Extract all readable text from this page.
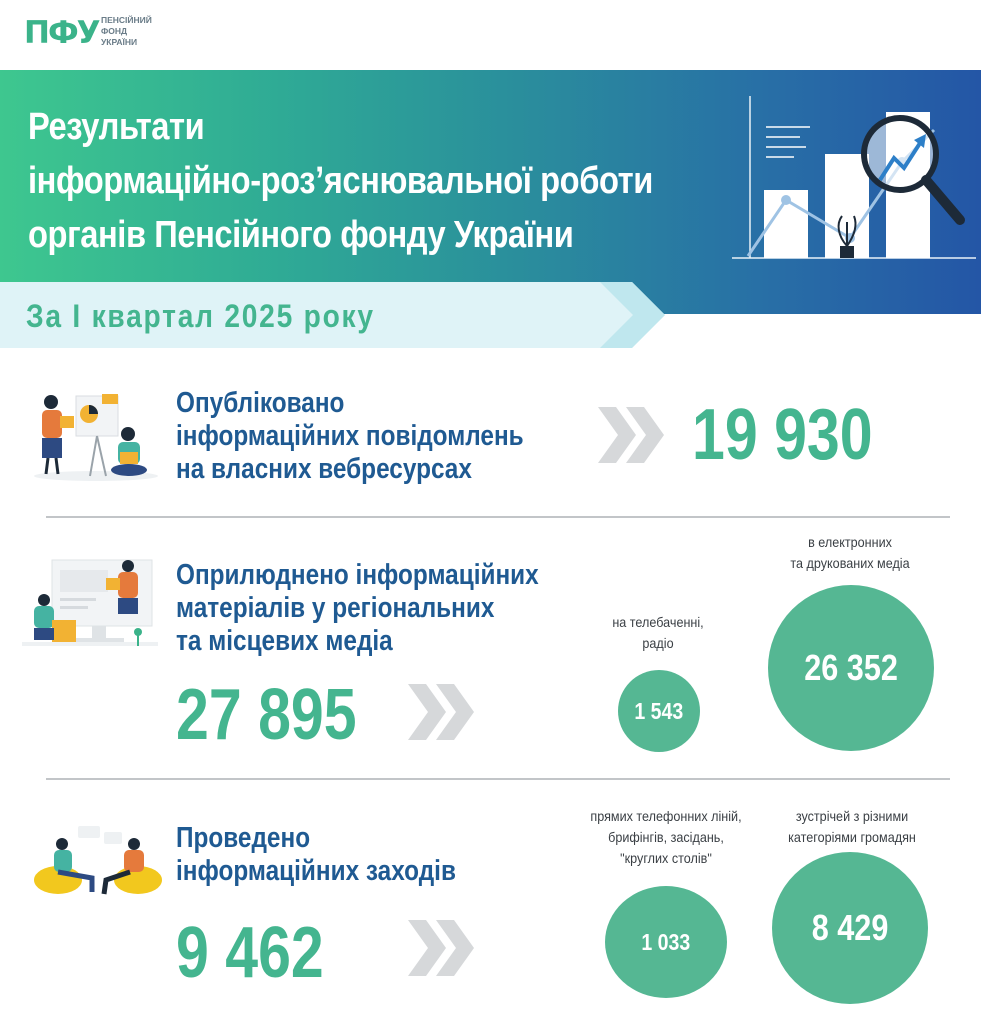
ПФУ ПЕНСІЙНИЙ
ФОНД
УКРАЇНИ
Результати
інформаційно-роз’яснювальної роботи
органів Пенсійного фонду України
За I квартал 2025 року
Опубліковано
інформаційних повідомлень
на власних вебресурсах	19 930
Оприлюднено інформаційних
матеріалів у регіональних
та місцевих медіа
27 895
на телебаченні,
радіо
1 543
в електронних
та друкованих медіа
26 352
Проведено
інформаційних заходів
9 462
прямих телефонних ліній,
брифінгів, засідань,
"круглих столів"
1 033
зустрічей з різними
категоріями громадян
8 429
